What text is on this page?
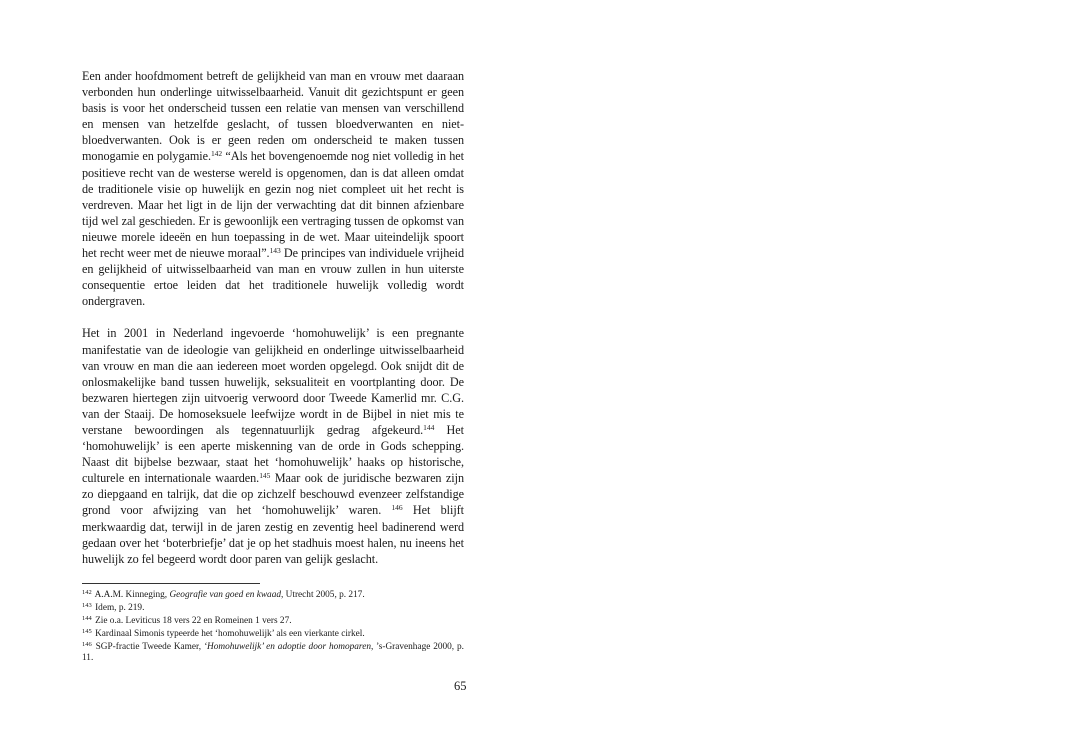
Een ander hoofdmoment betreft de gelijkheid van man en vrouw met daaraan verbonden hun onderlinge uitwisselbaarheid. Vanuit dit gezichtspunt er geen basis is voor het onderscheid tussen een relatie van mensen van verschillend en mensen van hetzelfde geslacht, of tussen bloedverwanten en niet-bloedverwanten. Ook is er geen reden om onderscheid te maken tussen monogamie en polygamie.$^{142}$ “Als het bovengenoemde nog niet volledig in het positieve recht van de westerse wereld is opgenomen, dan is dat alleen omdat de traditionele visie op huwelijk en gezin nog niet compleet uit het recht is verdreven. Maar het ligt in de lijn der verwachting dat dit binnen afzienbare tijd wel zal geschieden. Er is gewoonlijk een vertraging tussen de opkomst van nieuwe morele ideeën en hun toepassing in de wet. Maar uiteindelijk spoort het recht weer met de nieuwe moraal”.$^{143}$ De principes van individuele vrijheid en gelijkheid of uitwisselbaarheid van man en vrouw zullen in hun uiterste consequentie ertoe leiden dat het traditionele huwelijk volledig wordt ondergraven.

Het in 2001 in Nederland ingevoerde ‘homohuwelijk’ is een pregnante manifestatie van de ideologie van gelijkheid en onderlinge uitwisselbaarheid van vrouw en man die aan iedereen moet worden opgelegd. Ook snijdt dit de onlosmakelijke band tussen huwelijk, seksualiteit en voortplanting door. De bezwaren hiertegen zijn uitvoerig verwoord door Tweede Kamerlid mr. C.G. van der Staaij. De homoseksuele leefwijze wordt in de Bijbel in niet mis te verstane bewoordingen als tegennatuurlijk gedrag afgekeurd.$^{144}$ Het ‘homohuwelijk’ is een aperte miskenning van de orde in Gods schepping. Naast dit bijbelse bezwaar, staat het ‘homohuwelijk’ haaks op historische, culturele en internationale waarden.$^{145}$ Maar ook de juridische bezwaren zijn zo diepgaand en talrijk, dat die op zichzelf beschouwd evenzeer zelfstandige grond voor afwijzing van het ‘homohuwelijk’ waren. $^{146}$ Het blijft merkwaardig dat, terwijl in de jaren zestig en zeventig heel badinerend werd gedaan over het ‘boterbriefje’ dat je op het stadhuis moest halen, nu ineens het huwelijk zo fel begeerd wordt door paren van gelijk geslacht.

$^{142}$ A.A.M. Kinneging, Geografie van goed en kwaad, Utrecht 2005, p. 217.
$^{143}$ Idem, p. 219.
$^{144}$ Zie o.a. Leviticus 18 vers 22 en Romeinen 1 vers 27.
$^{145}$ Kardinaal Simonis typeerde het ‘homohuwelijk’ als een vierkante cirkel.
$^{146}$ SGP-fractie Tweede Kamer, ‘Homohuwelijk’ en adoptie door homoparen, ’s-Gravenhage 2000, p. 11.
65
